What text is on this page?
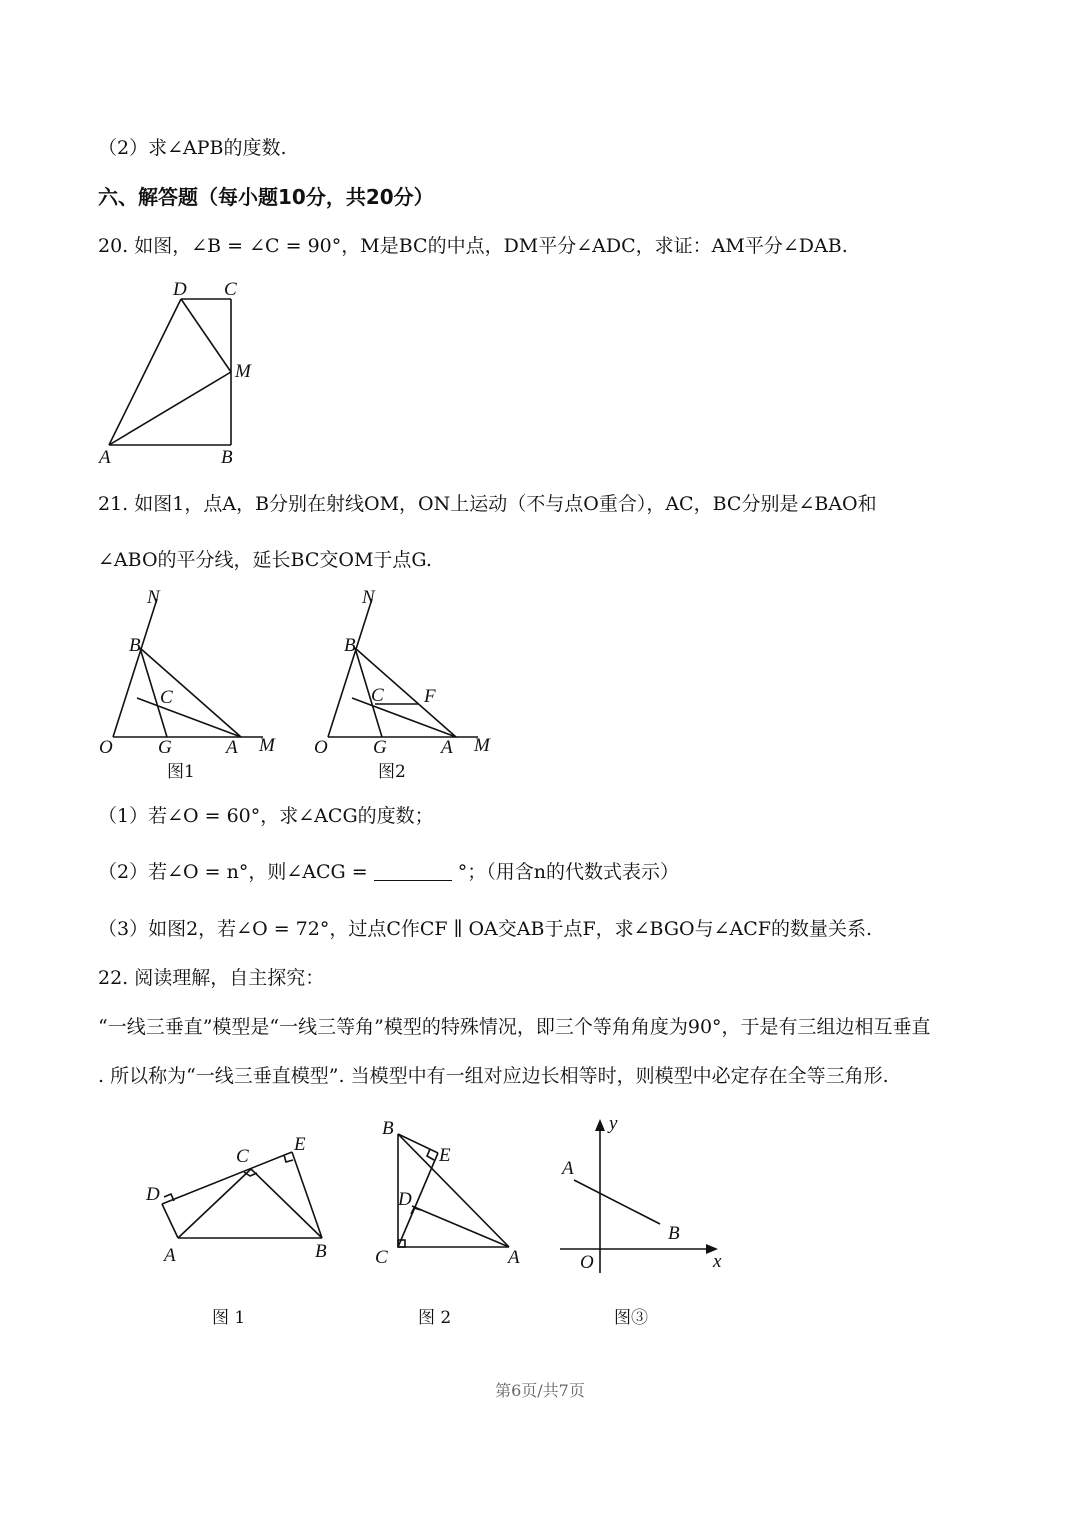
（2）求∠APB的度数.
六、解答题（每小题10分，共20分）
20. 如图，∠B = ∠C = 90°，M是BC的中点，DM平分∠ADC，求证：AM平分∠DAB.
D C
M
A	B
21. 如图1，点A，B分别在射线OM，ON上运动（不与点O重合），AC，BC分别是∠BAO和
∠ABO的平分线，延长BC交OM于点G.
N
B
C
O G	A M
图1
N
B
C F
O G	A M
图2
（1）若∠O = 60°，求∠ACG的度数；
（2）若∠O = n°，则∠ACG =	°；（用含n的代数式表示）
（3）如图2，若∠O = 72°，过点C作CF ∥ OA交AB于点F，求∠BGO与∠ACF的数量关系.
22. 阅读理解，自主探究：
“一线三垂直”模型是“一线三等角”模型的特殊情况，即三个等角角度为90°，于是有三组边相互垂直
. 所以称为“一线三垂直模型”. 当模型中有一组对应边长相等时，则模型中必定存在全等三角形.
D
C
E
A	B
图 1
B
E
D
C	A
图 2
y
A
B
O	x
图③
第6页/共7页
